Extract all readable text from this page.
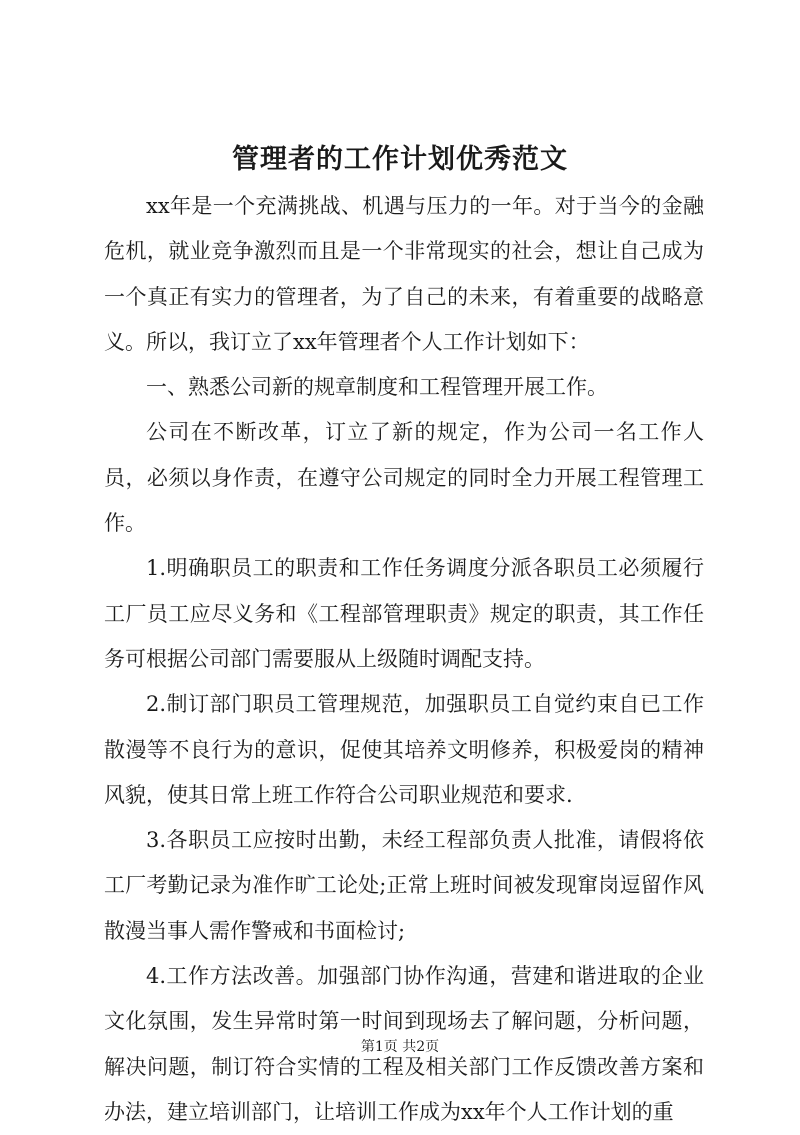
管理者的工作计划优秀范文

xx年是一个充满挑战、机遇与压力的一年。对于当今的金融危机，就业竞争激烈而且是一个非常现实的社会，想让自己成为一个真正有实力的管理者，为了自己的未来，有着重要的战略意义。所以，我订立了xx年管理者个人工作计划如下：

一、熟悉公司新的规章制度和工程管理开展工作。

公司在不断改革，订立了新的规定，作为公司一名工作人员，必须以身作责，在遵守公司规定的同时全力开展工程管理工作。

1.明确职员工的职责和工作任务调度分派各职员工必须履行工厂员工应尽义务和《工程部管理职责》规定的职责，其工作任务可根据公司部门需要服从上级随时调配支持。

2.制订部门职员工管理规范，加强职员工自觉约束自已工作散漫等不良行为的意识，促使其培养文明修养，积极爱岗的精神风貌，使其日常上班工作符合公司职业规范和要求.

3.各职员工应按时出勤，未经工程部负责人批准，请假将依工厂考勤记录为准作旷工论处;正常上班时间被发现窜岗逗留作风散漫当事人需作警戒和书面检讨;

4.工作方法改善。加强部门协作沟通，营建和谐进取的企业文化氛围，发生异常时第一时间到现场去了解问题，分析问题，解决问题，制订符合实情的工程及相关部门工作反馈改善方案和办法，建立培训部门，让培训工作成为xx年个人工作计划的重

第1页 共2页
